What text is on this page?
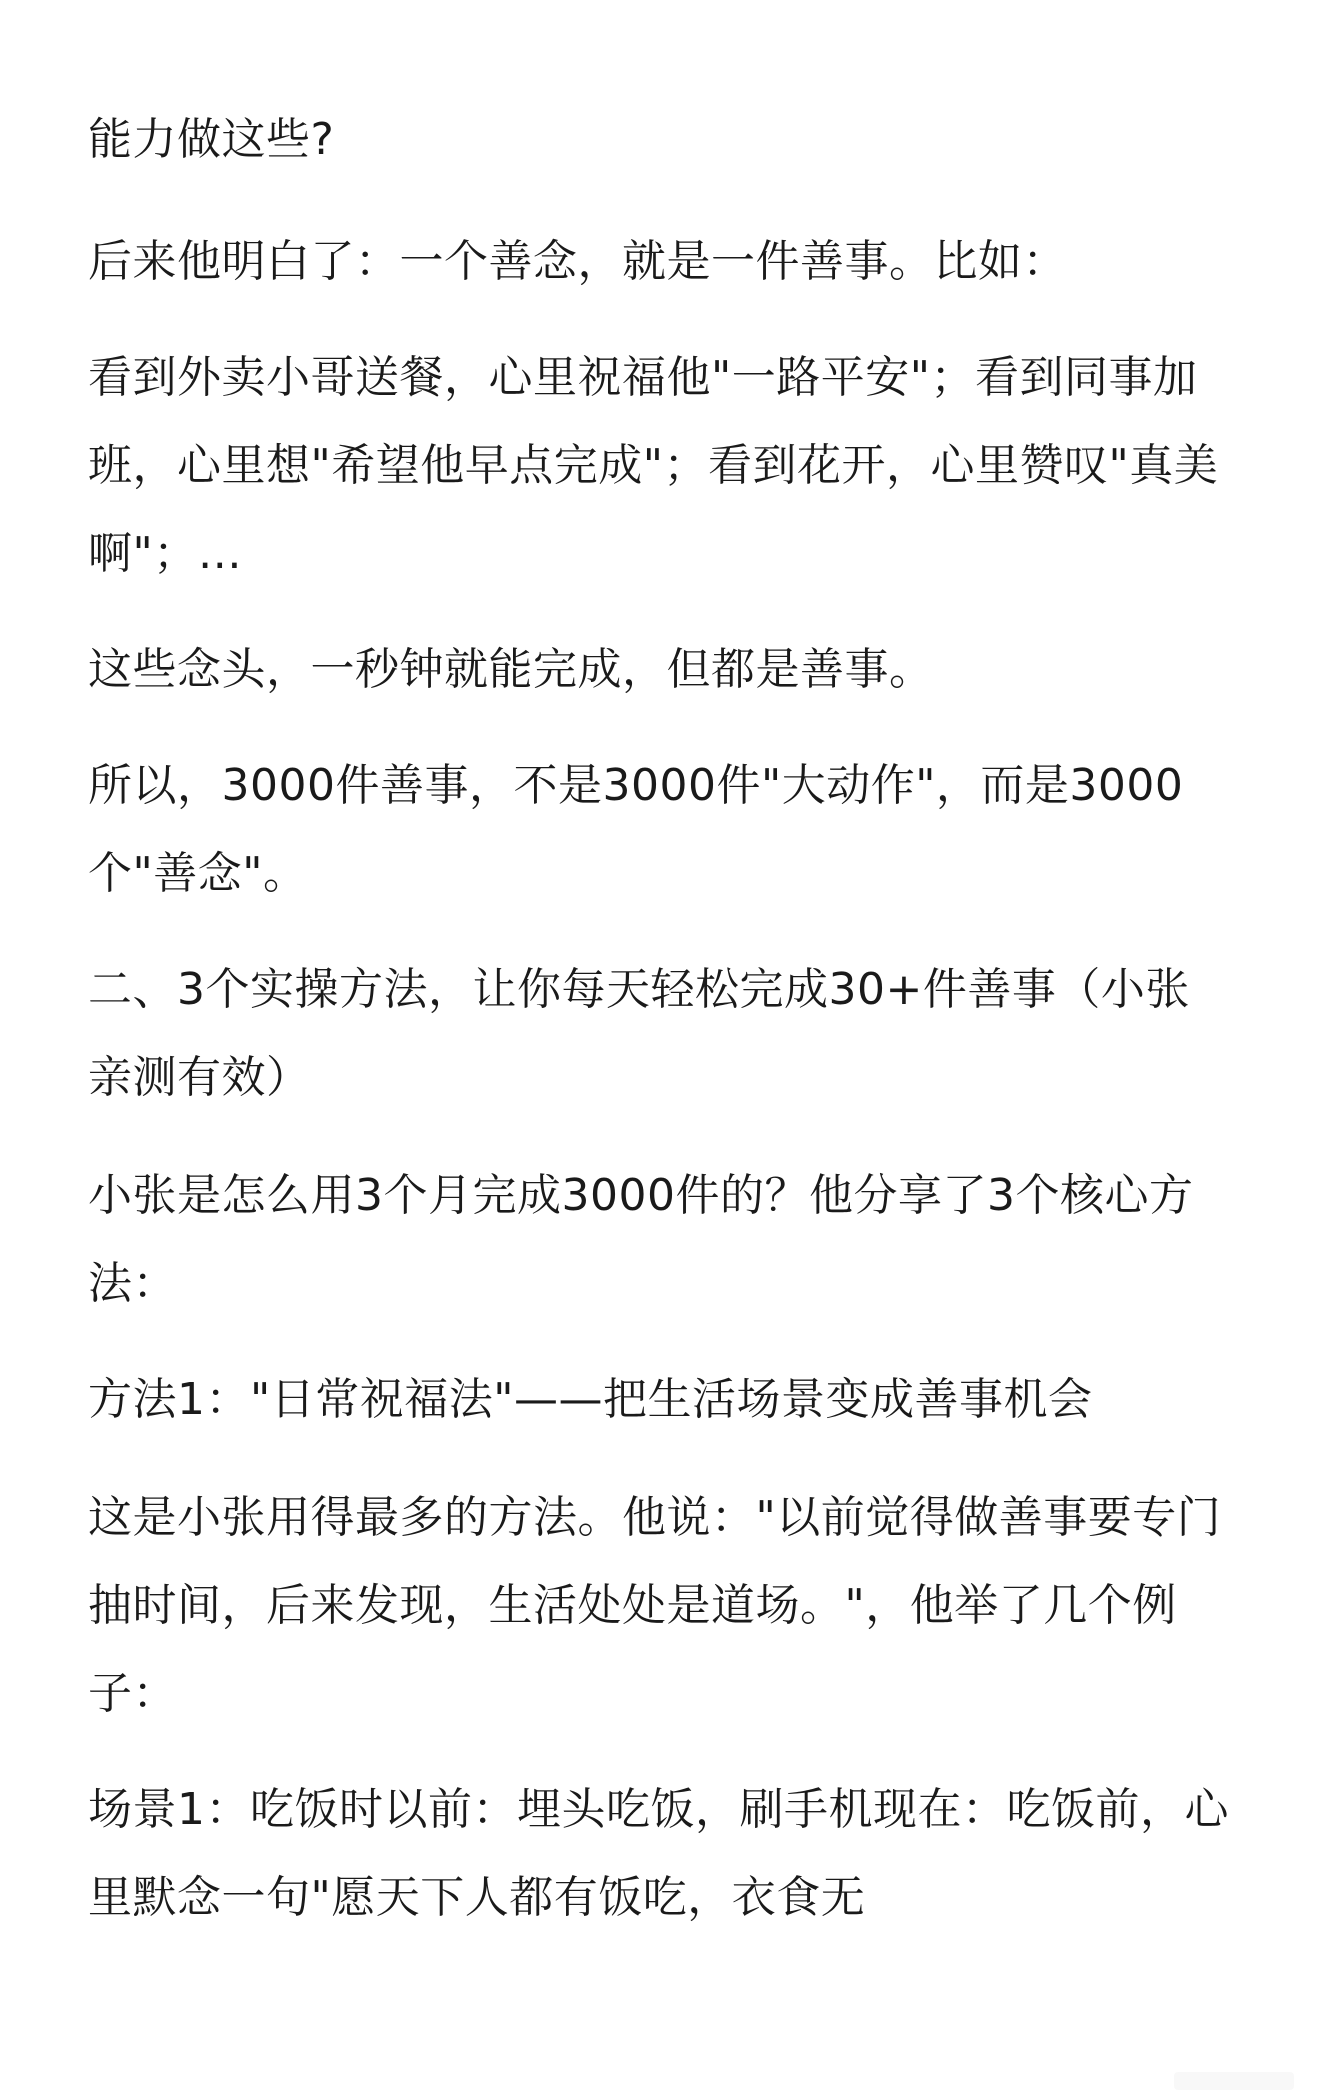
能力做这些?

后来他明白了：一个善念，就是一件善事。比如：

看到外卖小哥送餐，心里祝福他"一路平安"；看到同事加班，心里想"希望他早点完成"；看到花开，心里赞叹"真美啊"；…

这些念头，一秒钟就能完成，但都是善事。

所以，3000件善事，不是3000件"大动作"，而是3000个"善念"。

二、3个实操方法，让你每天轻松完成30+件善事（小张亲测有效）

小张是怎么用3个月完成3000件的？他分享了3个核心方法：

方法1："日常祝福法"——把生活场景变成善事机会

这是小张用得最多的方法。他说："以前觉得做善事要专门抽时间，后来发现，生活处处是道场。"，他举了几个例子：

场景1：吃饭时以前：埋头吃饭，刷手机现在：吃饭前，心里默念一句"愿天下人都有饭吃，衣食无
